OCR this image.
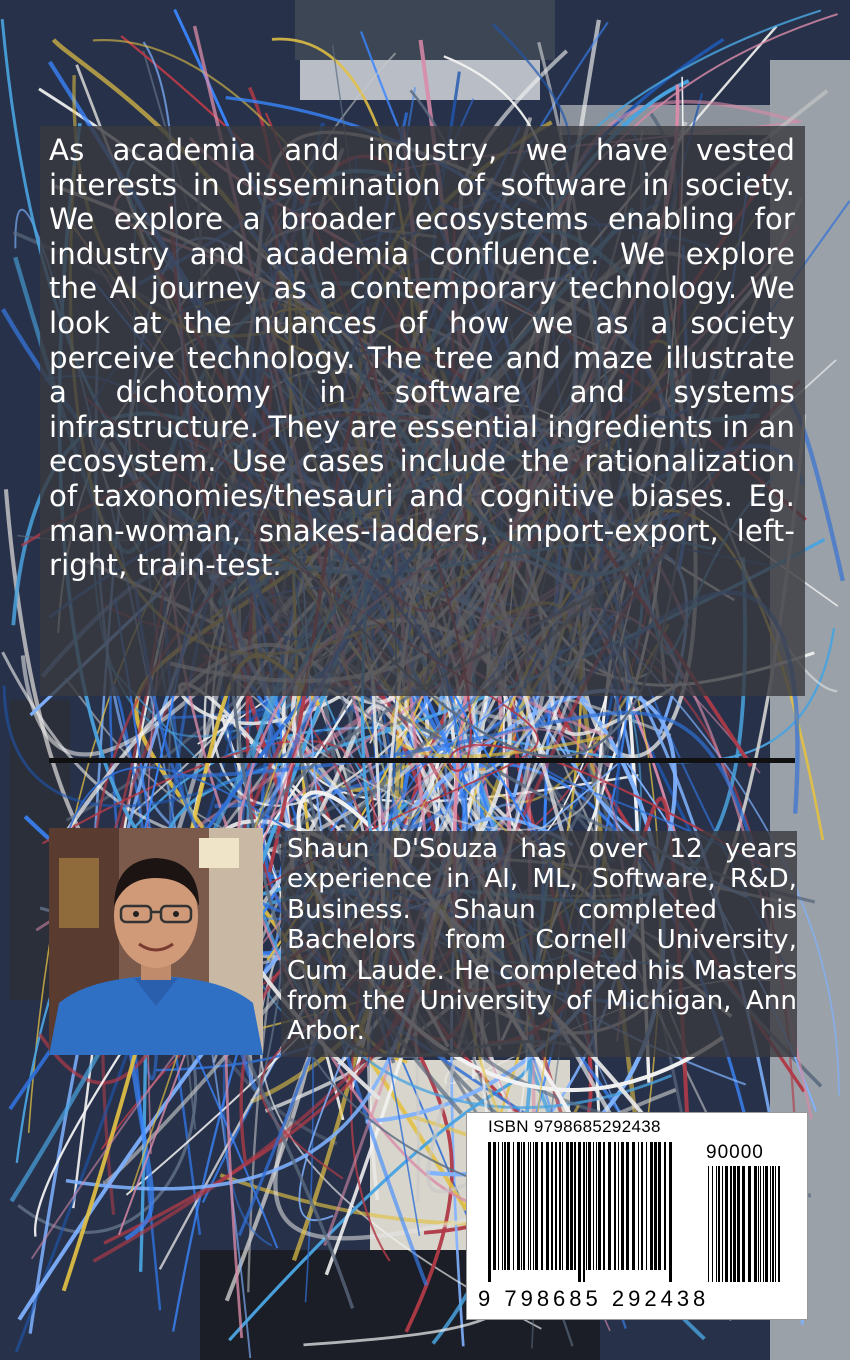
As academia and industry, we have vested interests in dissemination of software in society. We explore a broader ecosystems enabling for industry and academia confluence. We explore the AI journey as a contemporary technology. We look at the nuances of how we as a society perceive technology. The tree and maze illustrate a dichotomy in software and systems infrastructure. They are essential ingredients in an ecosystem. Use cases include the rationalization of taxonomies/thesauri and cognitive biases. Eg. man-woman, snakes-ladders, import-export, left-right, train-test.

Shaun D'Souza has over 12 years experience in AI, ML, Software, R&D, Business. Shaun completed his Bachelors from Cornell University, Cum Laude. He completed his Masters from the University of Michigan, Ann Arbor.

ISBN 9798685292438
90000
9 798685 292438
